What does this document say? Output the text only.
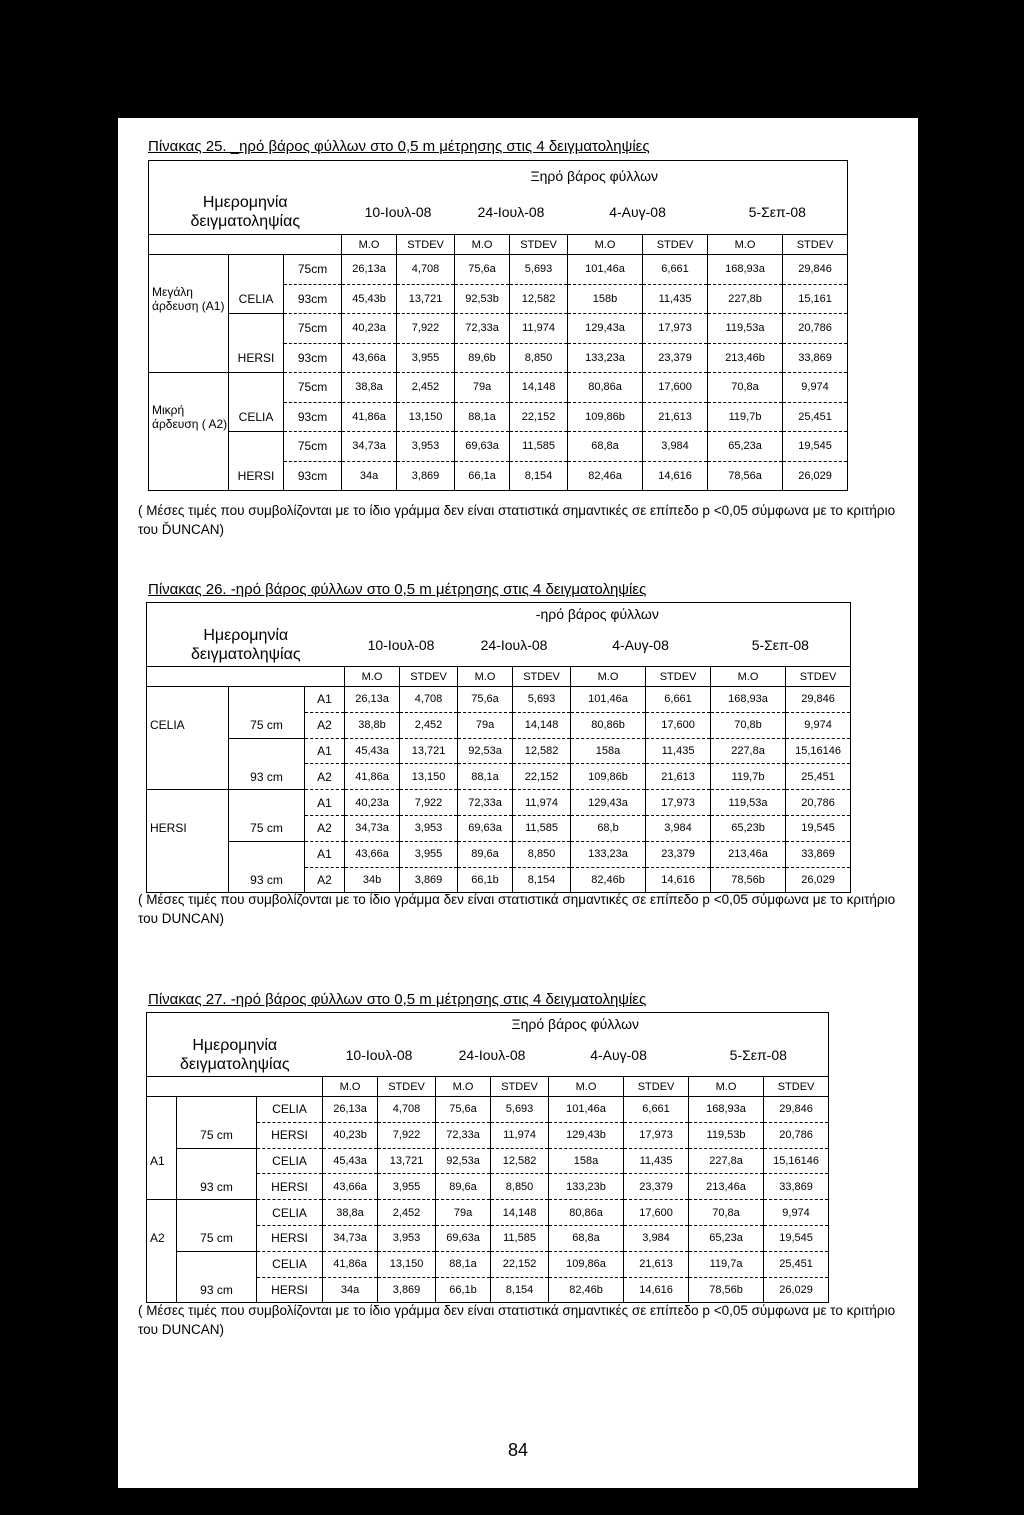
Πίνακας 25. _ηρό βάρος φύλλων στο 0,5 m μέτρησης στις 4 δειγματοληψίες
			Ξηρό βάρος φύλλων							
Ημερομηνία δειγματοληψίας			10-Ιουλ-08		24-Ιουλ-08		4-Αυγ-08		5-Σεπ-08	
			Μ.Ο	STDEV	Μ.Ο	STDEV	Μ.Ο	STDEV	Μ.Ο	STDEV
		75cm	26,13a	4,708	75,6a	5,693	101,46a	6,661	168,93a	29,846
Μεγάλη άρδευση (Α1)	CELIA	93cm	45,43b	13,721	92,53b	12,582	158b	11,435	227,8b	15,161
		75cm	40,23a	7,922	72,33a	11,974	129,43a	17,973	119,53a	20,786
	HERSI	93cm	43,66a	3,955	89,6b	8,850	133,23a	23,379	213,46b	33,869
		75cm	38,8a	2,452	79a	14,148	80,86a	17,600	70,8a	9,974
Μικρή άρδευση ( Α2)	CELIA	93cm	41,86a	13,150	88,1a	22,152	109,86b	21,613	119,7b	25,451
		75cm	34,73a	3,953	69,63a	11,585	68,8a	3,984	65,23a	19,545
	HERSI	93cm	34a	3,869	66,1a	8,154	82,46a	14,616	78,56a	26,029
( Μέσες τιμές που συμβολίζονται με το ίδιο γράμμα δεν είναι στατιστικά σημαντικές σε επίπεδο p <0,05 σύμφωνα με το κριτήριο του ĎUNCAN)
Πίνακας 26. -ηρό βάρος φύλλων στο 0,5 m μέτρησης στις 4 δειγματοληψίες
			-ηρό βάρος φύλλων							
Ημερομηνία δειγματοληψίας			10-Ιουλ-08		24-Ιουλ-08		4-Αυγ-08		5-Σεπ-08	
			Μ.Ο	STDEV	Μ.Ο	STDEV	Μ.Ο	STDEV	Μ.Ο	STDEV
		Α1	26,13a	4,708	75,6a	5,693	101,46a	6,661	168,93a	29,846
CELIA	75 cm	Α2	38,8b	2,452	79a	14,148	80,86b	17,600	70,8b	9,974
		Α1	45,43a	13,721	92,53a	12,582	158a	11,435	227,8a	15,16146
	93 cm	Α2	41,86a	13,150	88,1a	22,152	109,86b	21,613	119,7b	25,451
		Α1	40,23a	7,922	72,33a	11,974	129,43a	17,973	119,53a	20,786
HERSI	75 cm	Α2	34,73a	3,953	69,63a	11,585	68,b	3,984	65,23b	19,545
		Α1	43,66a	3,955	89,6a	8,850	133,23a	23,379	213,46a	33,869
	93 cm	Α2	34b	3,869	66,1b	8,154	82,46b	14,616	78,56b	26,029
( Μέσες τιμές που συμβολίζονται με το ίδιο γράμμα δεν είναι στατιστικά σημαντικές σε επίπεδο p <0,05 σύμφωνα με το κριτήριο του DUNCAN)
Πίνακας 27. -ηρό βάρος φύλλων στο 0,5 m μέτρησης στις 4 δειγματοληψίες
			Ξηρό βάρος φύλλων							
Ημερομηνία δειγματοληψίας			10-Ιουλ-08		24-Ιουλ-08		4-Αυγ-08		5-Σεπ-08	
			Μ.Ο	STDEV	Μ.Ο	STDEV	Μ.Ο	STDEV	Μ.Ο	STDEV
		CELIA	26,13a	4,708	75,6a	5,693	101,46a	6,661	168,93a	29,846
	75 cm	HERSI	40,23b	7,922	72,33a	11,974	129,43b	17,973	119,53b	20,786
Α1		CELIA	45,43a	13,721	92,53a	12,582	158a	11,435	227,8a	15,16146
	93 cm	HERSI	43,66a	3,955	89,6a	8,850	133,23b	23,379	213,46a	33,869
		CELIA	38,8a	2,452	79a	14,148	80,86a	17,600	70,8a	9,974
Α2	75 cm	HERSI	34,73a	3,953	69,63a	11,585	68,8a	3,984	65,23a	19,545
		CELIA	41,86a	13,150	88,1a	22,152	109,86a	21,613	119,7a	25,451
	93 cm	HERSI	34a	3,869	66,1b	8,154	82,46b	14,616	78,56b	26,029
( Μέσες τιμές που συμβολίζονται με το ίδιο γράμμα δεν είναι στατιστικά σημαντικές σε επίπεδο p <0,05 σύμφωνα με το κριτήριο του DUNCAN)
84
